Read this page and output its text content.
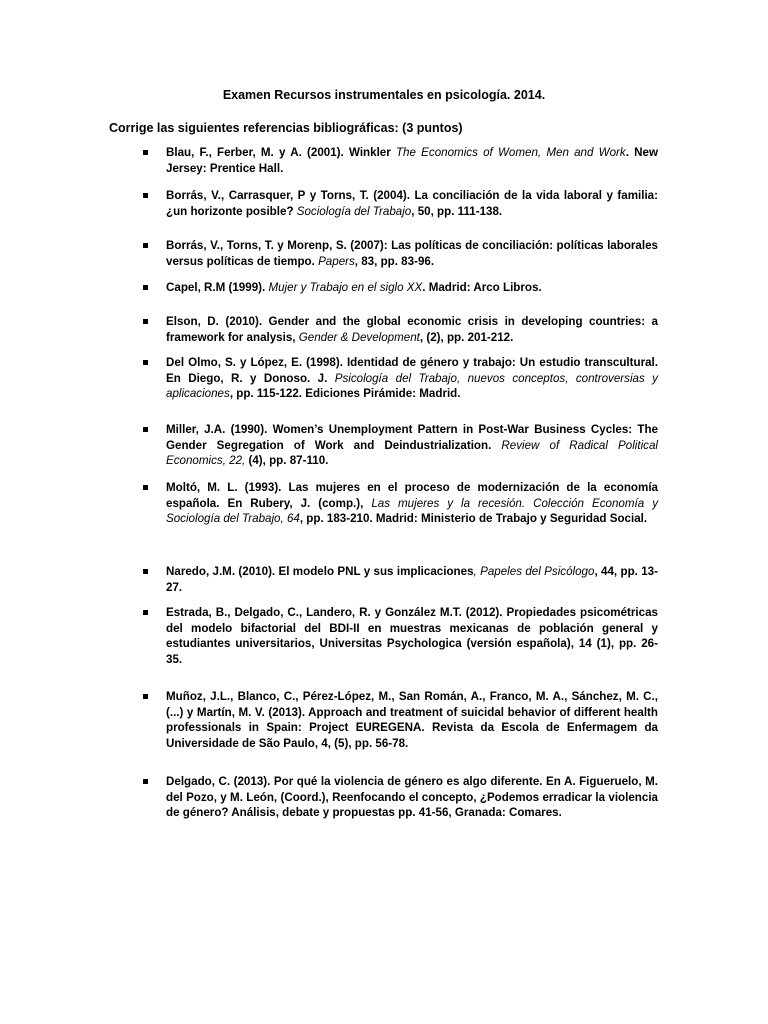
Examen Recursos instrumentales en psicología. 2014.
Corrige las siguientes referencias bibliográficas: (3 puntos)
Blau, F., Ferber, M. y A. (2001). Winkler The Economics of Women, Men and Work. New Jersey: Prentice Hall.
Borrás, V., Carrasquer, P y Torns, T. (2004). La conciliación de la vida laboral y familia: ¿un horizonte posible? Sociología del Trabajo, 50, pp. 111-138.
Borrás, V., Torns, T. y Morenp, S. (2007): Las políticas de conciliación: políticas laborales versus políticas de tiempo. Papers, 83, pp. 83-96.
Capel, R.M (1999). Mujer y Trabajo en el siglo XX. Madrid: Arco Libros.
Elson, D. (2010). Gender and the global economic crisis in developing countries: a framework for analysis, Gender & Development, (2), pp. 201-212.
Del Olmo, S. y López, E. (1998). Identidad de género y trabajo: Un estudio transcultural. En Diego, R. y Donoso. J. Psicología del Trabajo, nuevos conceptos, controversias y aplicaciones, pp. 115-122. Ediciones Pirámide: Madrid.
Miller, J.A. (1990). Women’s Unemployment Pattern in Post-War Business Cycles: The Gender Segregation of Work and Deindustrialization. Review of Radical Political Economics, 22, (4), pp. 87-110.
Moltó, M. L. (1993). Las mujeres en el proceso de modernización de la economía española. En Rubery, J. (comp.), Las mujeres y la recesión. Colección Economía y Sociología del Trabajo, 64, pp. 183-210. Madrid: Ministerio de Trabajo y Seguridad Social.
Naredo, J.M. (2010). El modelo PNL y sus implicaciones, Papeles del Psicólogo, 44, pp. 13-27.
Estrada, B., Delgado, C., Landero, R. y González M.T. (2012). Propiedades psicométricas del modelo bifactorial del BDI-II en muestras mexicanas de población general y estudiantes universitarios, Universitas Psychologica (versión española), 14 (1), pp. 26-35.
Muñoz, J.L., Blanco, C., Pérez-López, M., San Román, A., Franco, M. A., Sánchez, M. C., (...) y Martín, M. V. (2013). Approach and treatment of suicidal behavior of different health professionals in Spain: Project EUREGENA. Revista da Escola de Enfermagem da Universidade de São Paulo, 4, (5), pp. 56-78.
Delgado, C. (2013). Por qué la violencia de género es algo diferente. En A. Figueruelo, M. del Pozo, y M. León, (Coord.), Reenfocando el concepto, ¿Podemos erradicar la violencia de género? Análisis, debate y propuestas pp. 41-56, Granada: Comares.
